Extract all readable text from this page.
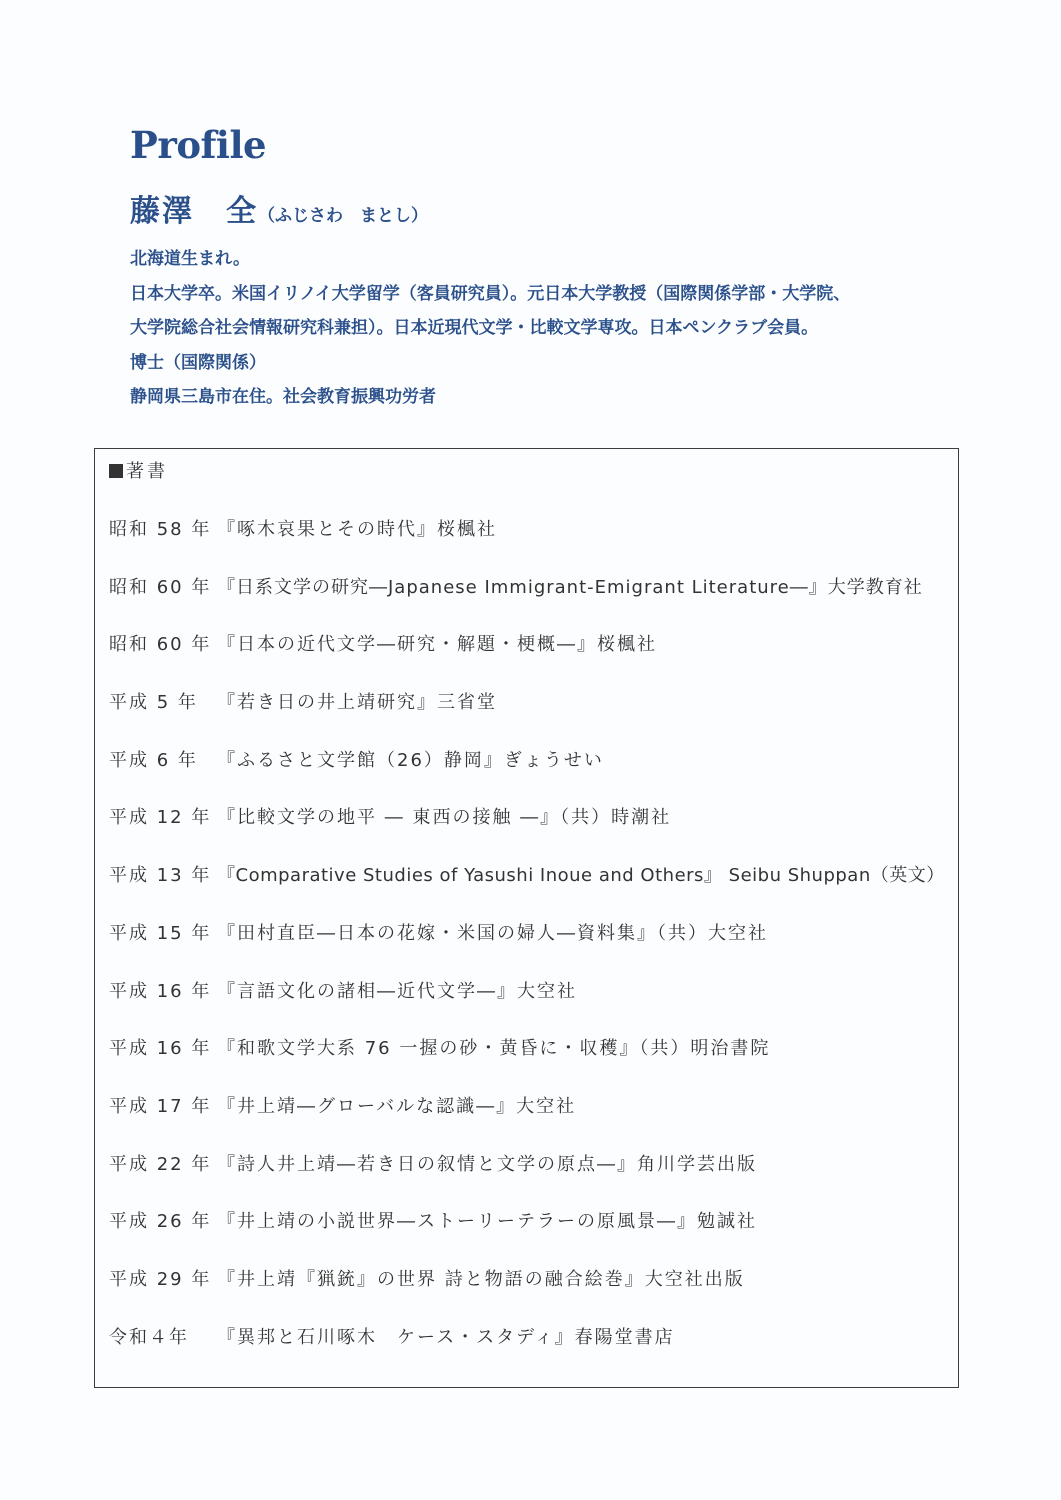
Profile
藤澤　全（ふじさわ　まとし）
北海道生まれ。
日本大学卒。米国イリノイ大学留学（客員研究員）。元日本大学教授（国際関係学部・大学院、
大学院総合社会情報研究科兼担）。日本近現代文学・比較文学専攻。日本ペンクラブ会員。
博士（国際関係）
静岡県三島市在住。社会教育振興功労者
著書
昭和 58 年 『啄木哀果とその時代』桜楓社
昭和 60 年 『日系文学の研究―Japanese Immigrant-Emigrant Literature―』大学教育社
昭和 60 年 『日本の近代文学―研究・解題・梗概―』桜楓社
平成 5 年	『若き日の井上靖研究』三省堂
平成 6 年	『ふるさと文学館（26）静岡』ぎょうせい
平成 12 年 『比較文学の地平 ― 東西の接触 ―』（共）時潮社
平成 13 年 『Comparative Studies of Yasushi Inoue and Others』 Seibu Shuppan（英文）
平成 15 年 『田村直臣―日本の花嫁・米国の婦人―資料集』（共）大空社
平成 16 年 『言語文化の諸相―近代文学―』大空社
平成 16 年 『和歌文学大系 76 一握の砂・黄昏に・収穫』（共）明治書院
平成 17 年 『井上靖―グローバルな認識―』大空社
平成 22 年 『詩人井上靖―若き日の叙情と文学の原点―』角川学芸出版
平成 26 年 『井上靖の小説世界―ストーリーテラーの原風景―』勉誠社
平成 29 年 『井上靖『猟銃』の世界 詩と物語の融合絵巻』大空社出版
令和４年	『異邦と石川啄木　ケース・スタディ』春陽堂書店
